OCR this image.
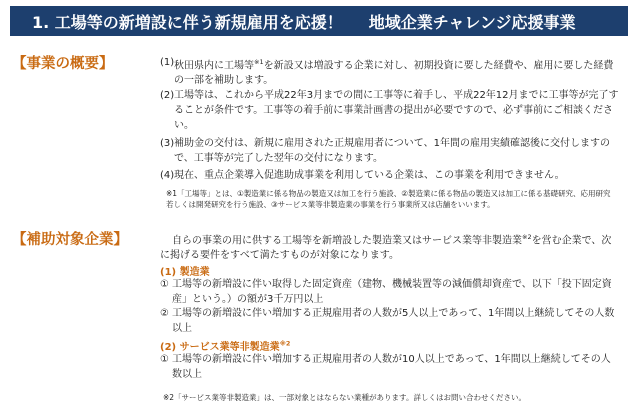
1. 工場等の新増設に伴う新規雇用を応援！ 地域企業チャレンジ応援事業
【事業の概要】	(1) 秋田県内に工場等$^{※1}$を新設又は増設する企業に対し、初期投資に要した経費や、雇用に要した経費の一部を補助します。
(2) 工場等は、これから平成22年3月までの間に工事等に着手し、平成22年12月までに工事等が完了することが条件です。工事等の着手前に事業計画書の提出が必要ですので、必ず事前にご相談ください。
(3) 補助金の交付は、新規に雇用された正規雇用者について、1年間の雇用実績確認後に交付しますので、工事等が完了した翌年の交付になります。
(4) 現在、重点企業導入促進助成事業を利用している企業は、この事業を利用できません。
※1「工場等」とは、①製造業に係る物品の製造又は加工を行う施設、②製造業に係る物品の製造又は加工に係る基礎研究、応用研究若しくは開発研究を行う施設、③サービス業等非製造業の事業を行う事業所又は店舗をいいます。
【補助対象企業】	自らの事業の用に供する工場等を新増設した製造業又はサービス業等非製造業$^{※2}$を営む企業で、次に掲げる要件をすべて満たすものが対象になります。
(1) 製造業
① 工場等の新増設に伴い取得した固定資産（建物、機械装置等の減価償却資産で、以下「投下固定資産」という。）の額が3千万円以上
② 工場等の新増設に伴い増加する正規雇用者の人数が5人以上であって、1年間以上継続してその人数以上
(2) サービス業等非製造業$^{※2}$
① 工場等の新増設に伴い増加する正規雇用者の人数が10人以上であって、1年間以上継続してその人数以上
※2「サービス業等非製造業」は、一部対象とはならない業種があります。詳しくはお問い合わせください。
